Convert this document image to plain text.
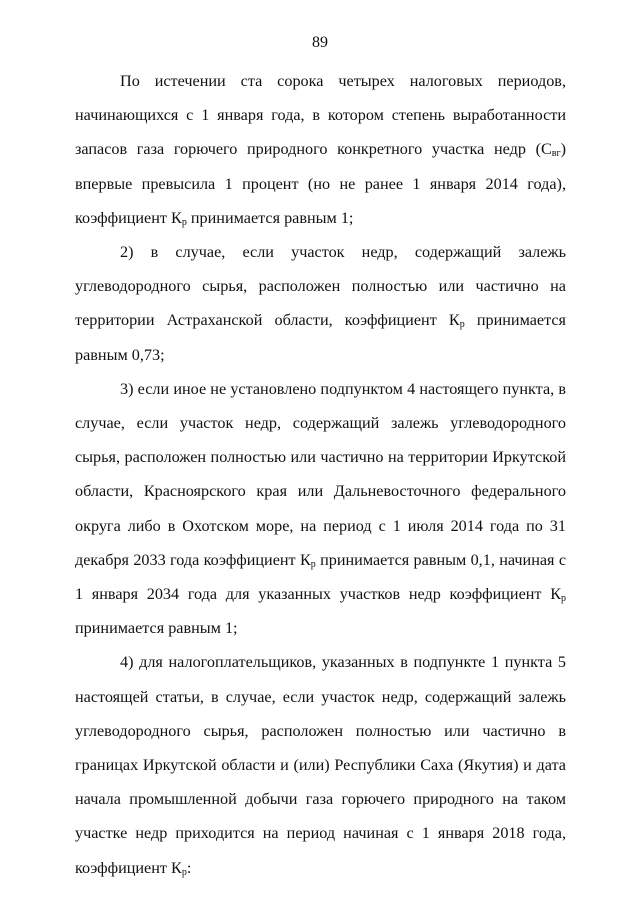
89

По истечении ста сорока четырех налоговых периодов, начинающихся с 1 января года, в котором степень выработанности запасов газа горючего природного конкретного участка недр $(С_{вг})$ впервые превысила 1 процент (но не ранее 1 января 2014 года), коэффициент $К_р$ принимается равным 1;

2) в случае, если участок недр, содержащий залежь углеводородного сырья, расположен полностью или частично на территории Астраханской области, коэффициент $К_р$ принимается равным 0,73;

3) если иное не установлено подпунктом 4 настоящего пункта, в случае, если участок недр, содержащий залежь углеводородного сырья, расположен полностью или частично на территории Иркутской области, Красноярского края или Дальневосточного федерального округа либо в Охотском море, на период с 1 июля 2014 года по 31 декабря 2033 года коэффициент $К_р$ принимается равным 0,1, начиная с 1 января 2034 года для указанных участков недр коэффициент $К_р$ принимается равным 1;

4) для налогоплательщиков, указанных в подпункте 1 пункта 5 настоящей статьи, в случае, если участок недр, содержащий залежь углеводородного сырья, расположен полностью или частично в границах Иркутской области и (или) Республики Саха (Якутия) и дата начала промышленной добычи газа горючего природного на таком участке недр приходится на период начиная с 1 января 2018 года, коэффициент $К_р$:
